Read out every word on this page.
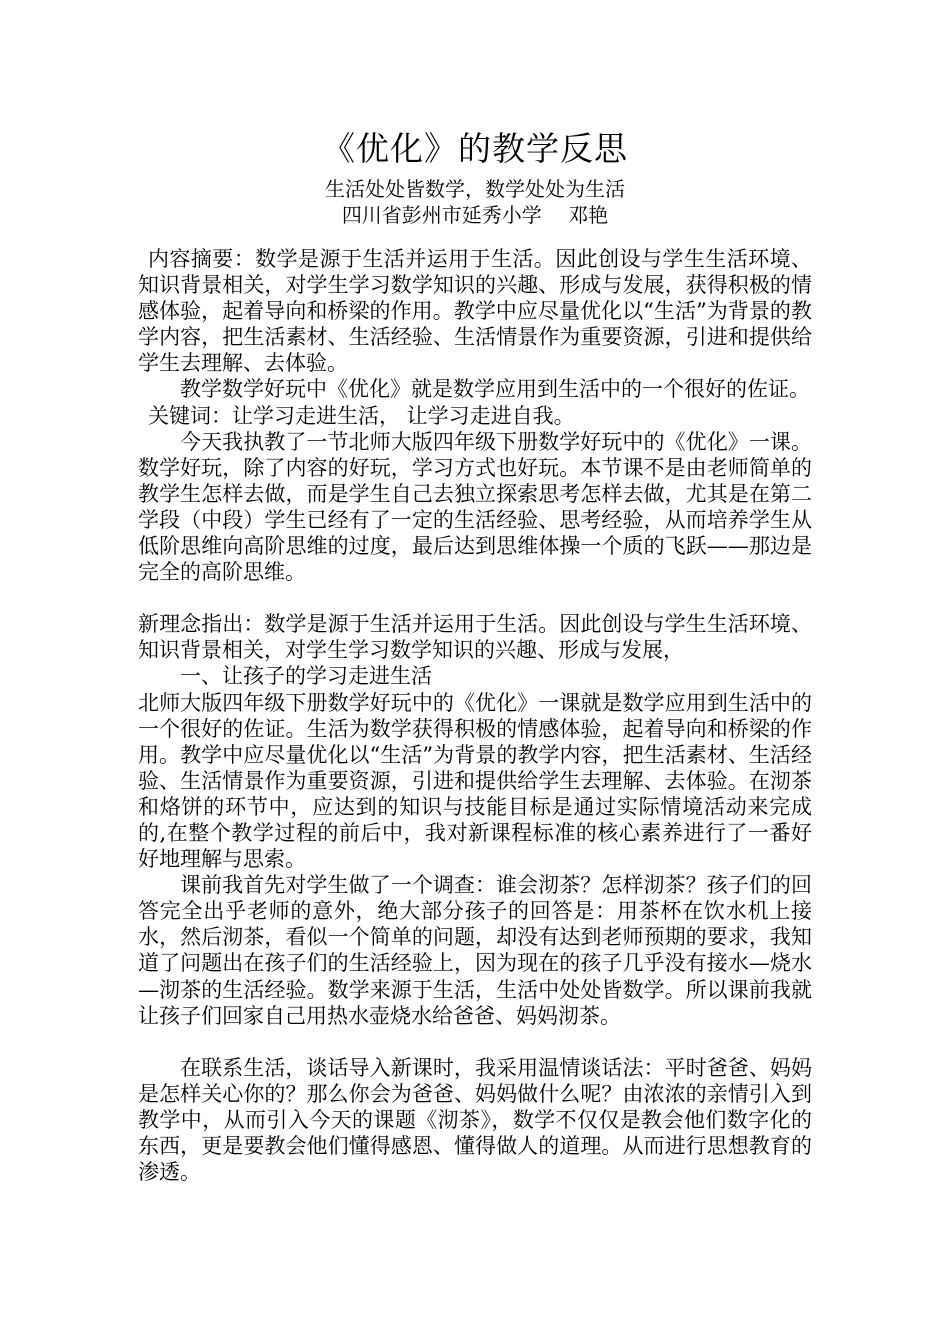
《优化》的教学反思

生活处处皆数学，数学处处为生活

四川省彭州市延秀小学　 邓艳

内容摘要：数学是源于生活并运用于生活。因此创设与学生生活环境、知识背景相关，对学生学习数学知识的兴趣、形成与发展，获得积极的情感体验，起着导向和桥梁的作用。教学中应尽量优化以“生活”为背景的教学内容，把生活素材、生活经验、生活情景作为重要资源，引进和提供给学生去理解、去体验。

教学数学好玩中《优化》就是数学应用到生活中的一个很好的佐证。

关键词：让学习走进生活， 让学习走进自我。

今天我执教了一节北师大版四年级下册数学好玩中的《优化》一课。数学好玩，除了内容的好玩，学习方式也好玩。本节课不是由老师简单的教学生怎样去做，而是学生自己去独立探索思考怎样去做，尤其是在第二学段（中段）学生已经有了一定的生活经验、思考经验，从而培养学生从低阶思维向高阶思维的过度，最后达到思维体操一个质的飞跃——那边是完全的高阶思维。

新理念指出：数学是源于生活并运用于生活。因此创设与学生生活环境、知识背景相关，对学生学习数学知识的兴趣、形成与发展，

一、让孩子的学习走进生活

北师大版四年级下册数学好玩中的《优化》一课就是数学应用到生活中的一个很好的佐证。生活为数学获得积极的情感体验，起着导向和桥梁的作用。教学中应尽量优化以“生活”为背景的教学内容，把生活素材、生活经验、生活情景作为重要资源，引进和提供给学生去理解、去体验。在沏茶和烙饼的环节中，应达到的知识与技能目标是通过实际情境活动来完成的,在整个教学过程的前后中，我对新课程标准的核心素养进行了一番好好地理解与思索。

课前我首先对学生做了一个调查：谁会沏茶？怎样沏茶？孩子们的回答完全出乎老师的意外，绝大部分孩子的回答是：用茶杯在饮水机上接水，然后沏茶，看似一个简单的问题，却没有达到老师预期的要求，我知道了问题出在孩子们的生活经验上，因为现在的孩子几乎没有接水—烧水—沏茶的生活经验。数学来源于生活，生活中处处皆数学。所以课前我就让孩子们回家自己用热水壶烧水给爸爸、妈妈沏茶。

在联系生活，谈话导入新课时，我采用温情谈话法：平时爸爸、妈妈是怎样关心你的？那么你会为爸爸、妈妈做什么呢？由浓浓的亲情引入到教学中，从而引入今天的课题《沏茶》，数学不仅仅是教会他们数字化的东西，更是要教会他们懂得感恩、懂得做人的道理。从而进行思想教育的渗透。
